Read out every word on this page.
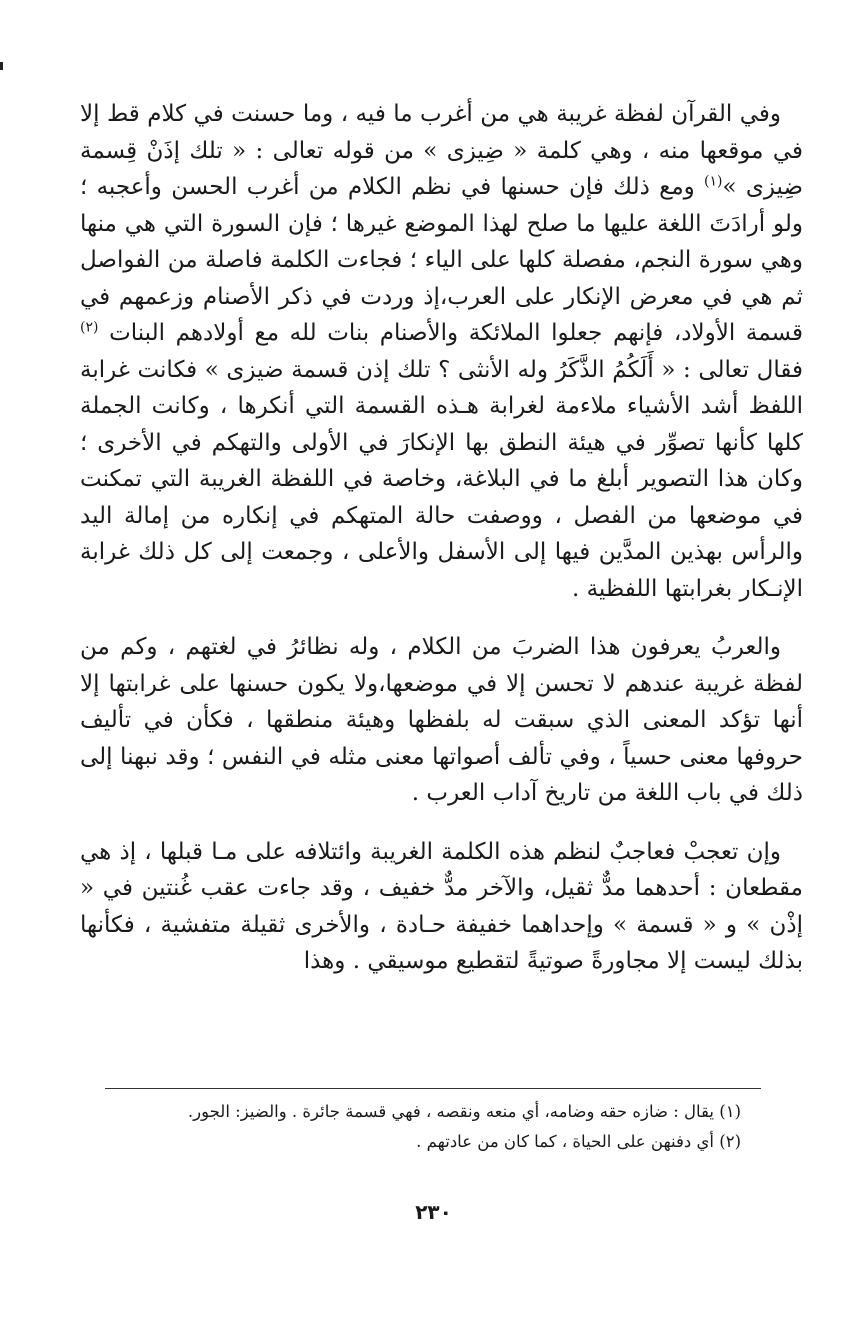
وفي القرآن لفظة غريبة هي من أغرب ما فيه ، وما حسنت في كلام قط إلا في موقعها منه ، وهي كلمة « ضِيزى » من قوله تعالى : « تلك إذَنْ قِسمة ضِيزى »$^{(١)}$ ومع ذلك فإن حسنها في نظم الكلام من أغرب الحسن وأعجبه ؛ ولو أرادَتَ اللغة عليها ما صلح لهذا الموضع غيرها ؛ فإن السورة التي هي منها وهي سورة النجم، مفصلة كلها على الياء ؛ فجاءت الكلمة فاصلة من الفواصل ثم هي في معرض الإنكار على العرب،إذ وردت في ذكر الأصنام وزعمهم في قسمة الأولاد، فإنهم جعلوا الملائكة والأصنام بنات لله مع أولادهم البنات $^{(٢)}$ فقال تعالى : « أَلَكُمُ الذَّكَرُ وله الأنثى ؟ تلك إذن قسمة ضيزى » فكانت غرابة اللفظ أشد الأشياء ملاءمة لغرابة هـذه القسمة التي أنكرها ، وكانت الجملة كلها كأنها تصوِّر في هيئة النطق بها الإنكارَ في الأولى والتهكم في الأخرى ؛ وكان هذا التصوير أبلغ ما في البلاغة، وخاصة في اللفظة الغريبة التي تمكنت في موضعها من الفصل ، ووصفت حالة المتهكم في إنكاره من إمالة اليد والرأس بهذين المدَّين فيها إلى الأسفل والأعلى ، وجمعت إلى كل ذلك غرابة الإنـكار بغرابتها اللفظية .

والعربُ يعرفون هذا الضربَ من الكلام ، وله نظائرُ في لغتهم ، وكم من لفظة غريبة عندهم لا تحسن إلا في موضعها،ولا يكون حسنها على غرابتها إلا أنها تؤكد المعنى الذي سبقت له بلفظها وهيئة منطقها ، فكأن في تأليف حروفها معنى حسياً ، وفي تألف أصواتها معنى مثله في النفس ؛ وقد نبهنا إلى ذلك في باب اللغة من تاريخ آداب العرب .

وإن تعجبْ فعاجبٌ لنظم هذه الكلمة الغريبة وائتلافه على مـا قبلها ، إذ هي مقطعان : أحدهما مدٌّ ثقيل، والآخر مدٌّ خفيف ، وقد جاءت عقب غُنتين في « إذْن » و « قسمة » وإحداهما خفيفة حـادة ، والأخرى ثقيلة متفشية ، فكأنها بذلك ليست إلا مجاورةً صوتيةً لتقطيع موسيقي . وهذا

(١) يقال : ضازه حقه وضامه، أي منعه ونقصه ، فهي قسمة جائرة . والضيز: الجور.

(٢) أي دفنهن على الحياة ، كما كان من عادتهم .

٢٣٠
